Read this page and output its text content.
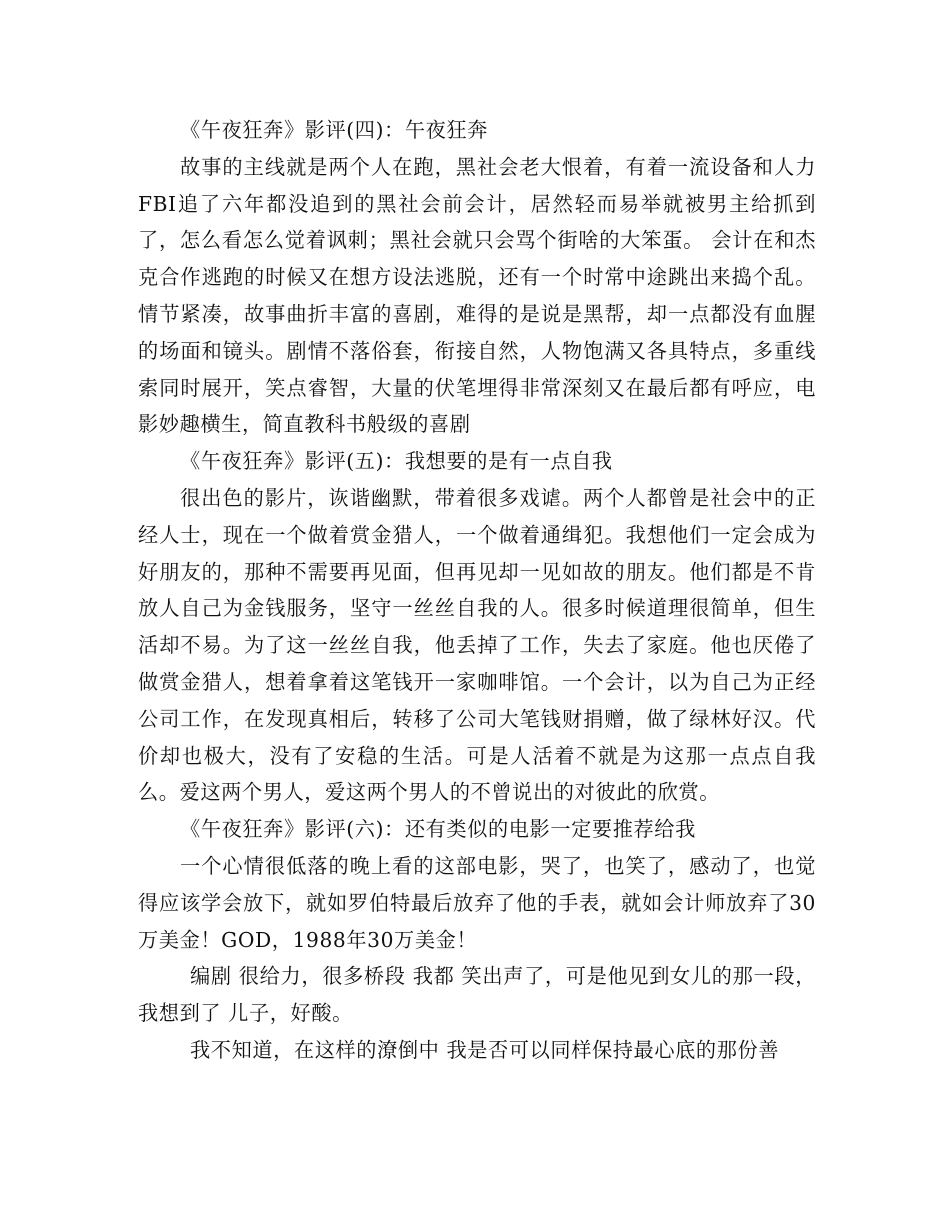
《午夜狂奔》影评(四)：午夜狂奔

故事的主线就是两个人在跑，黑社会老大恨着，有着一流设备和人力FBI追了六年都没追到的黑社会前会计，居然轻而易举就被男主给抓到了，怎么看怎么觉着讽刺；黑社会就只会骂个街啥的大笨蛋。 会计在和杰克合作逃跑的时候又在想方设法逃脱，还有一个时常中途跳出来捣个乱。 情节紧凑，故事曲折丰富的喜剧，难得的是说是黑帮，却一点都没有血腥的场面和镜头。剧情不落俗套，衔接自然，人物饱满又各具特点，多重线索同时展开，笑点睿智，大量的伏笔埋得非常深刻又在最后都有呼应，电影妙趣横生，简直教科书般级的喜剧

《午夜狂奔》影评(五)：我想要的是有一点自我

很出色的影片，诙谐幽默，带着很多戏谑。两个人都曾是社会中的正经人士，现在一个做着赏金猎人，一个做着通缉犯。我想他们一定会成为好朋友的，那种不需要再见面，但再见却一见如故的朋友。他们都是不肯放人自己为金钱服务，坚守一丝丝自我的人。很多时候道理很简单，但生活却不易。为了这一丝丝自我，他丢掉了工作，失去了家庭。他也厌倦了做赏金猎人，想着拿着这笔钱开一家咖啡馆。一个会计，以为自己为正经公司工作，在发现真相后，转移了公司大笔钱财捐赠，做了绿林好汉。代价却也极大，没有了安稳的生活。可是人活着不就是为这那一点点自我么。爱这两个男人，爱这两个男人的不曾说出的对彼此的欣赏。

《午夜狂奔》影评(六)：还有类似的电影一定要推荐给我

一个心情很低落的晚上看的这部电影，哭了，也笑了，感动了，也觉得应该学会放下，就如罗伯特最后放弃了他的手表，就如会计师放弃了30万美金！GOD，1988年30万美金！

编剧 很给力，很多桥段 我都 笑出声了，可是他见到女儿的那一段，我想到了 儿子，好酸。

我不知道，在这样的潦倒中 我是否可以同样保持最心底的那份善
